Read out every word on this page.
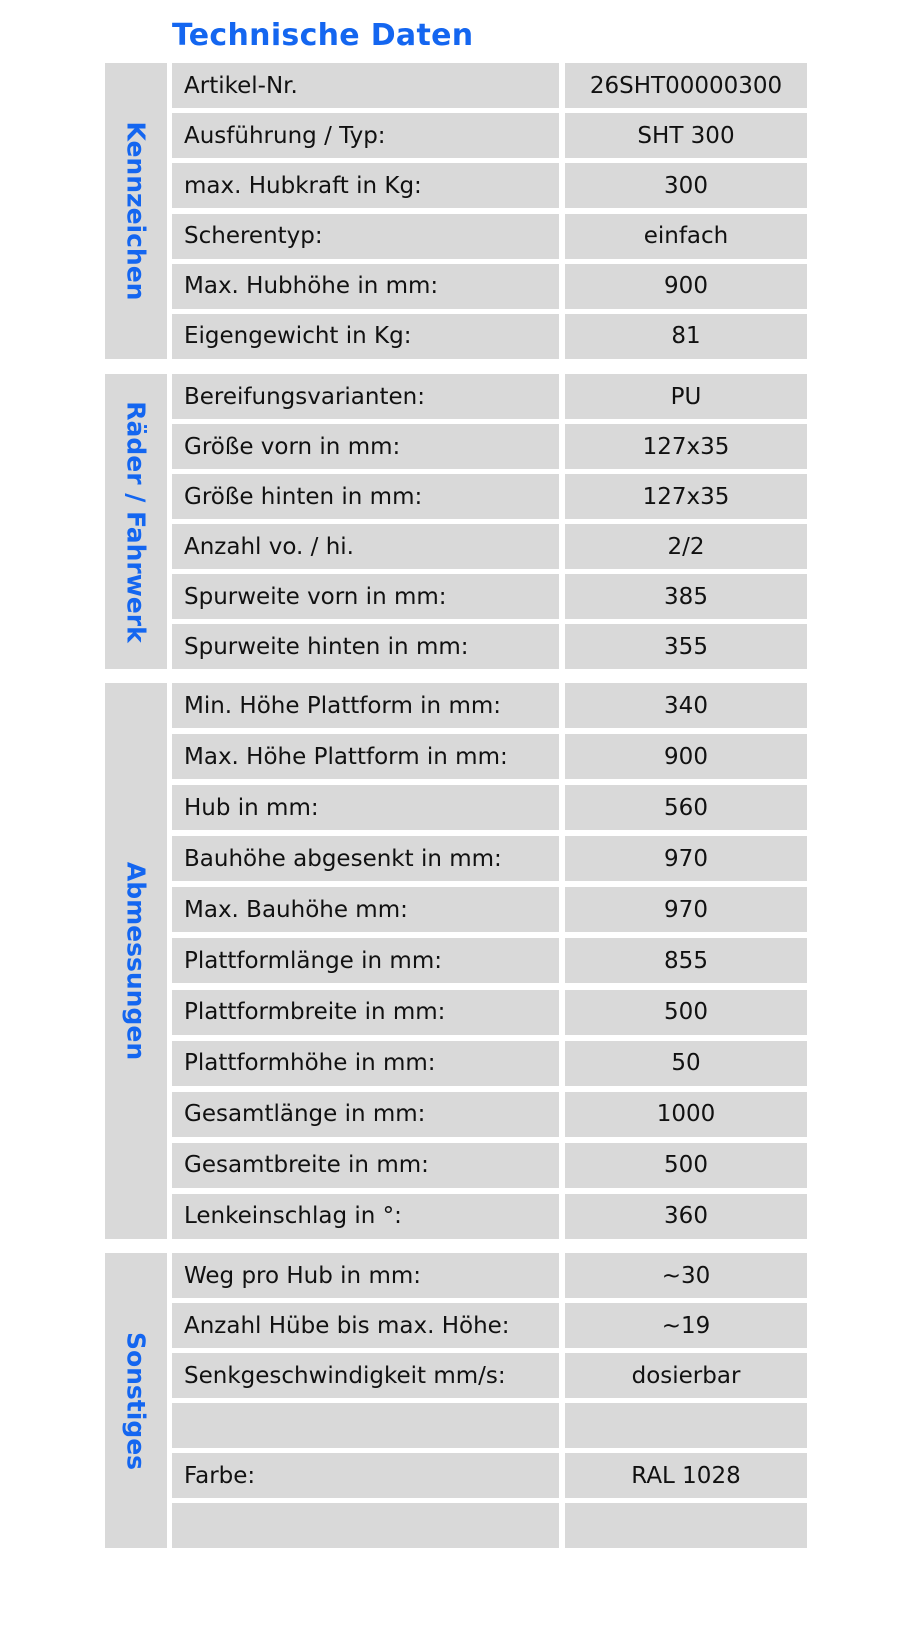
Technische Daten
Kennzeichen
Artikel-Nr.	26SHT00000300
Ausführung / Typ:	SHT 300
max. Hubkraft in Kg:	300
Scherentyp:	einfach
Max. Hubhöhe in mm:	900
Eigengewicht in Kg:	81
Räder / Fahrwerk
Bereifungsvarianten:	PU
Größe vorn in mm:	127x35
Größe hinten in mm:	127x35
Anzahl vo. / hi.	2/2
Spurweite vorn in mm:	385
Spurweite hinten in mm:	355
Abmessungen
Min. Höhe Plattform in mm:	340
Max. Höhe Plattform in mm:	900
Hub in mm:	560
Bauhöhe abgesenkt in mm:	970
Max. Bauhöhe mm:	970
Plattformlänge in mm:	855
Plattformbreite in mm:	500
Plattformhöhe in mm:	50
Gesamtlänge in mm:	1000
Gesamtbreite in mm:	500
Lenkeinschlag in °:	360
Sonstiges
Weg pro Hub in mm:	~30
Anzahl Hübe bis max. Höhe:	~19
Senkgeschwindigkeit mm/s:	dosierbar
Farbe:	RAL 1028
